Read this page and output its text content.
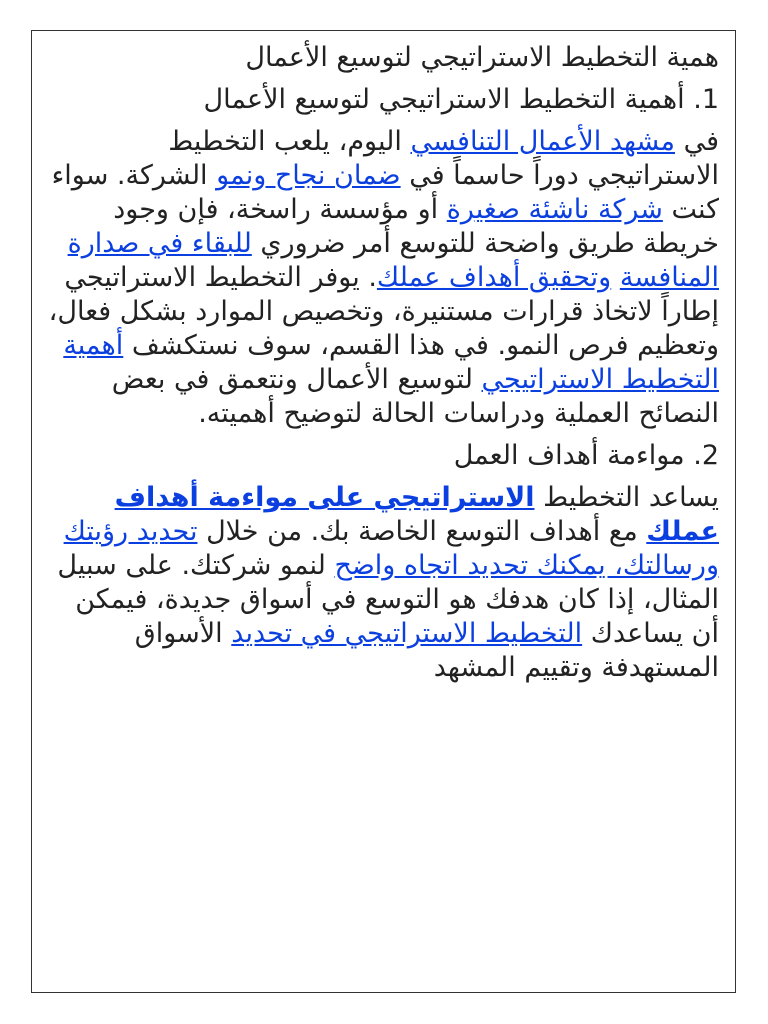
همية التخطيط الاستراتيجي لتوسيع الأعمال

1. أهمية التخطيط الاستراتيجي لتوسيع الأعمال

في مشهد الأعمال التنافسي اليوم، يلعب التخطيط الاستراتيجي دوراً حاسماً في ضمان نجاح ونمو الشركة. سواء كنت شركة ناشئة صغيرة أو مؤسسة راسخة، فإن وجود خريطة طريق واضحة للتوسع أمر ضروري للبقاء في صدارة المنافسة وتحقيق أهداف عملك. يوفر التخطيط الاستراتيجي إطاراً لاتخاذ قرارات مستنيرة، وتخصيص الموارد بشكل فعال، وتعظيم فرص النمو. في هذا القسم، سوف نستكشف أهمية التخطيط الاستراتيجي لتوسيع الأعمال ونتعمق في بعض النصائح العملية ودراسات الحالة لتوضيح أهميته.

2. مواءمة أهداف العمل

يساعد التخطيط الاستراتيجي على مواءمة أهداف عملك مع أهداف التوسع الخاصة بك. من خلال تحديد رؤيتك ورسالتك، يمكنك تحديد اتجاه واضح لنمو شركتك. على سبيل المثال، إذا كان هدفك هو التوسع في أسواق جديدة، فيمكن أن يساعدك التخطيط الاستراتيجي في تحديد الأسواق المستهدفة وتقييم المشهد
